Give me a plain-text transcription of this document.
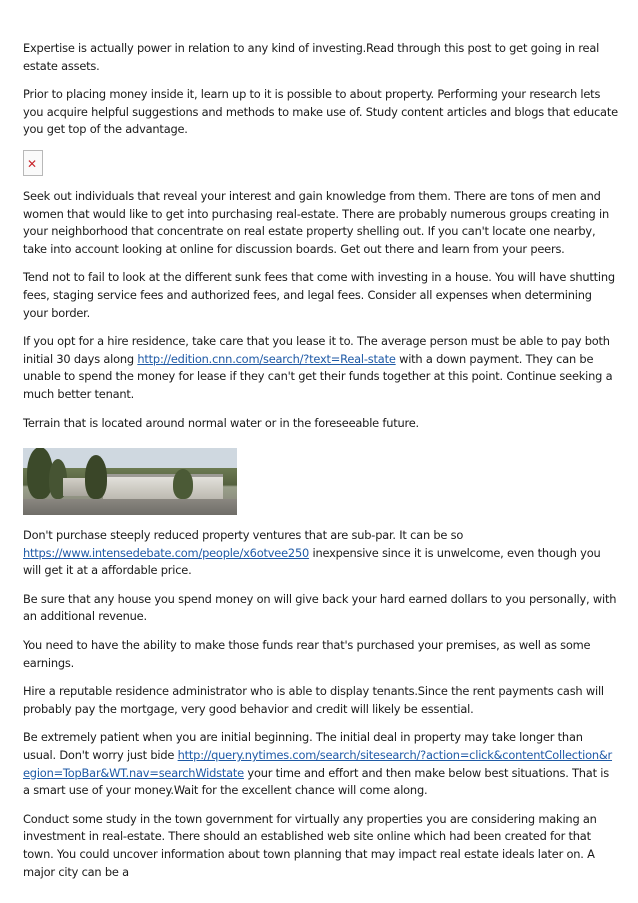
Expertise is actually power in relation to any kind of investing.Read through this post to get going in real estate assets.

Prior to placing money inside it, learn up to it is possible to about property. Performing your research lets you acquire helpful suggestions and methods to make use of. Study content articles and blogs that educate you get top of the advantage.

✕

Seek out individuals that reveal your interest and gain knowledge from them. There are tons of men and women that would like to get into purchasing real-estate. There are probably numerous groups creating in your neighborhood that concentrate on real estate property shelling out. If you can't locate one nearby, take into account looking at online for discussion boards. Get out there and learn from your peers.

Tend not to fail to look at the different sunk fees that come with investing in a house. You will have shutting fees, staging service fees and authorized fees, and legal fees. Consider all expenses when determining your border.

If you opt for a hire residence, take care that you lease it to. The average person must be able to pay both initial 30 days along http://edition.cnn.com/search/?text=Real-state with a down payment. They can be unable to spend the money for lease if they can't get their funds together at this point. Continue seeking a much better tenant.

Terrain that is located around normal water or in the foreseeable future.

Don't purchase steeply reduced property ventures that are sub-par. It can be so https://www.intensedebate.com/people/x6otvee250 inexpensive since it is unwelcome, even though you will get it at a affordable price.

Be sure that any house you spend money on will give back your hard earned dollars to you personally, with an additional revenue.

You need to have the ability to make those funds rear that's purchased your premises, as well as some earnings.

Hire a reputable residence administrator who is able to display tenants.Since the rent payments cash will probably pay the mortgage, very good behavior and credit will likely be essential.

Be extremely patient when you are initial beginning. The initial deal in property may take longer than usual. Don't worry just bide http://query.nytimes.com/search/sitesearch/?action=click&contentCollection&region=TopBar&WT.nav=searchWidstate your time and effort and then make below best situations. That is a smart use of your money.Wait for the excellent chance will come along.

Conduct some study in the town government for virtually any properties you are considering making an investment in real-estate. There should an established web site online which had been created for that town. You could uncover information about town planning that may impact real estate ideals later on. A major city can be a
